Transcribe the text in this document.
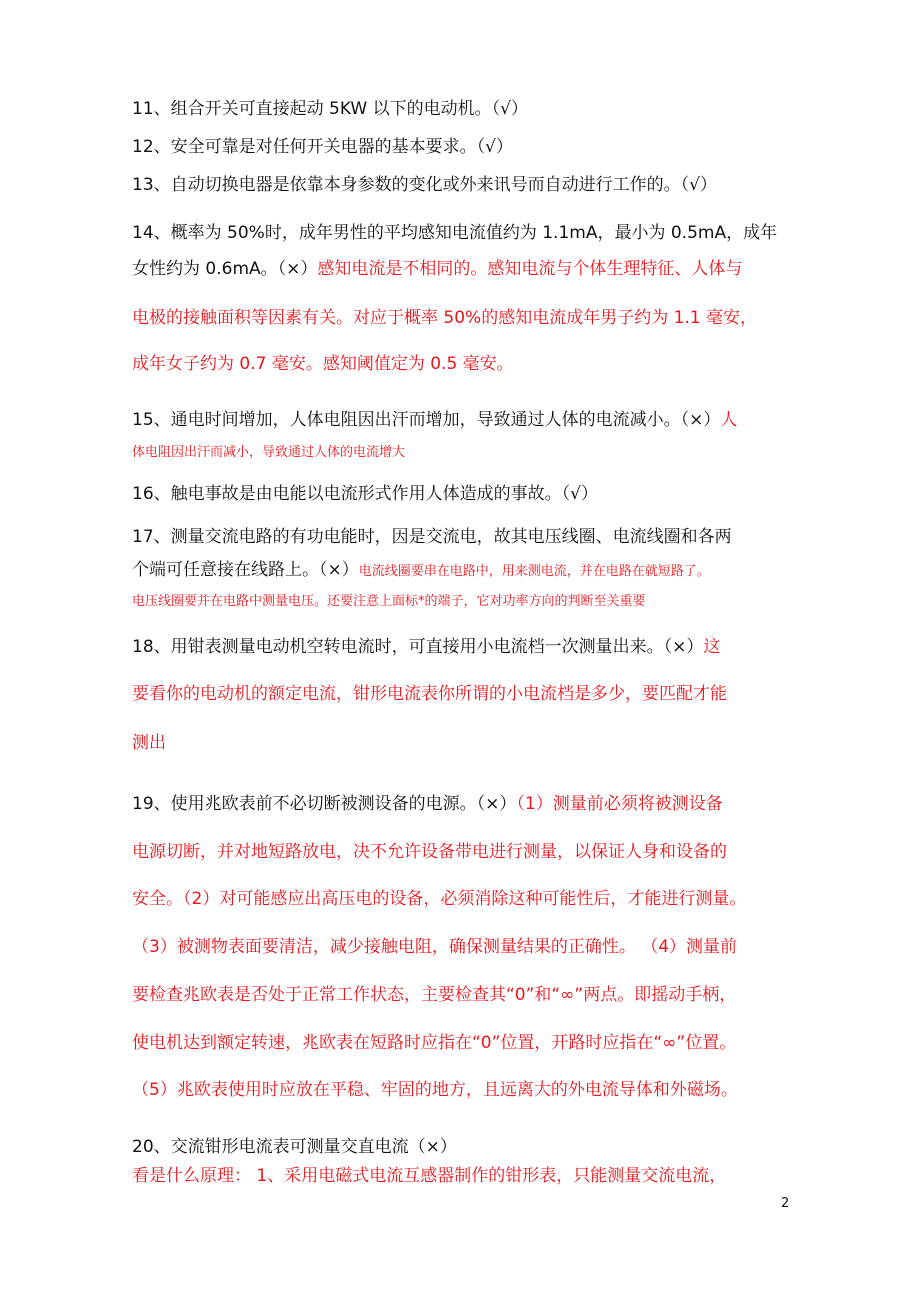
2
11、组合开关可直接起动 5KW 以下的电动机。（√）
12、安全可靠是对任何开关电器的基本要求。（√）
13、自动切换电器是依靠本身参数的变化或外来讯号而自动进行工作的。（√）
14、概率为 50%时，成年男性的平均感知电流值约为 1.1mA，最小为 0.5mA，成年
女性约为 0.6mA。（×）感知电流是不相同的。感知电流与个体生理特征、人体与
电极的接触面积等因素有关。对应于概率 50%的感知电流成年男子约为 1.1 毫安，
成年女子约为 0.7 毫安。感知阈值定为 0.5 毫安。
15、通电时间增加，人体电阻因出汗而增加，导致通过人体的电流减小。（×）人
体电阻因出汗而减小，导致通过人体的电流增大
16、触电事故是由电能以电流形式作用人体造成的事故。（√）
17、测量交流电路的有功电能时，因是交流电，故其电压线圈、电流线圈和各两
个端可任意接在线路上。（×）电流线圈要串在电路中，用来测电流，并在电路在就短路了。
电压线圈要并在电路中测量电压。还要注意上面标*的端子，它对功率方向的判断至关重要
18、用钳表测量电动机空转电流时，可直接用小电流档一次测量出来。（×）这
要看你的电动机的额定电流，钳形电流表你所谓的小电流档是多少，要匹配才能
测出
19、使用兆欧表前不必切断被测设备的电源。（×）（1）测量前必须将被测设备
电源切断，并对地短路放电，决不允许设备带电进行测量，以保证人身和设备的
安全。（2）对可能感应出高压电的设备，必须消除这种可能性后，才能进行测量。
（3）被测物表面要清洁，减少接触电阻，确保测量结果的正确性。 （4）测量前
要检查兆欧表是否处于正常工作状态，主要检查其“0”和“∞”两点。即摇动手柄，
使电机达到额定转速，兆欧表在短路时应指在“0”位置，开路时应指在“∞”位置。
（5）兆欧表使用时应放在平稳、牢固的地方，且远离大的外电流导体和外磁场。
20、交流钳形电流表可测量交直电流（×）
看是什么原理： 1、采用电磁式电流互感器制作的钳形表，只能测量交流电流，
